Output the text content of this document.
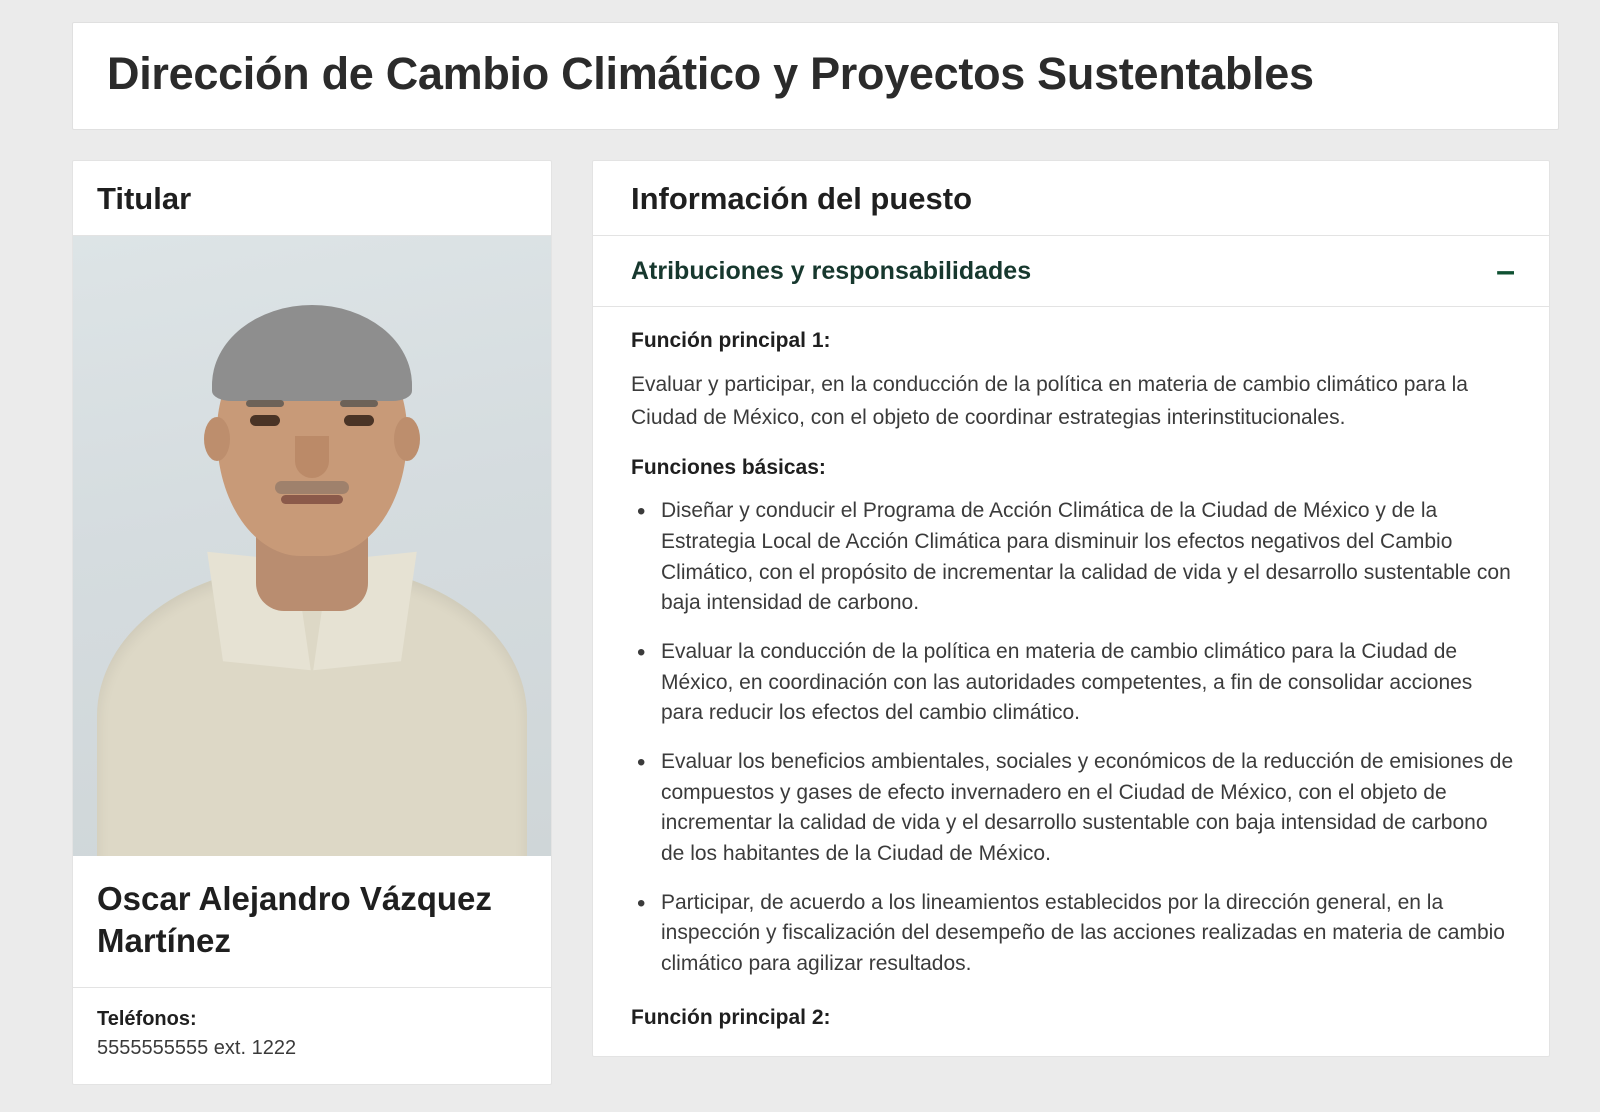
Dirección de Cambio Climático y Proyectos Sustentables
Titular
Oscar Alejandro Vázquez Martínez

Teléfonos:

5555555555 ext. 1222

Información del puesto
Atribuciones y responsabilidades	–

Función principal 1:

Evaluar y participar, en la conducción de la política en materia de cambio climático para la Ciudad de México, con el objeto de coordinar estrategias interinstitucionales.

Funciones básicas:

• Diseñar y conducir el Programa de Acción Climática de la Ciudad de México y de la Estrategia Local de Acción Climática para disminuir los efectos negativos del Cambio Climático, con el propósito de incrementar la calidad de vida y el desarrollo sustentable con baja intensidad de carbono.
• Evaluar la conducción de la política en materia de cambio climático para la Ciudad de México, en coordinación con las autoridades competentes, a fin de consolidar acciones para reducir los efectos del cambio climático.
• Evaluar los beneficios ambientales, sociales y económicos de la reducción de emisiones de compuestos y gases de efecto invernadero en el Ciudad de México, con el objeto de incrementar la calidad de vida y el desarrollo sustentable con baja intensidad de carbono de los habitantes de la Ciudad de México.
• Participar, de acuerdo a los lineamientos establecidos por la dirección general, en la inspección y fiscalización del desempeño de las acciones realizadas en materia de cambio climático para agilizar resultados.

Función principal 2:
